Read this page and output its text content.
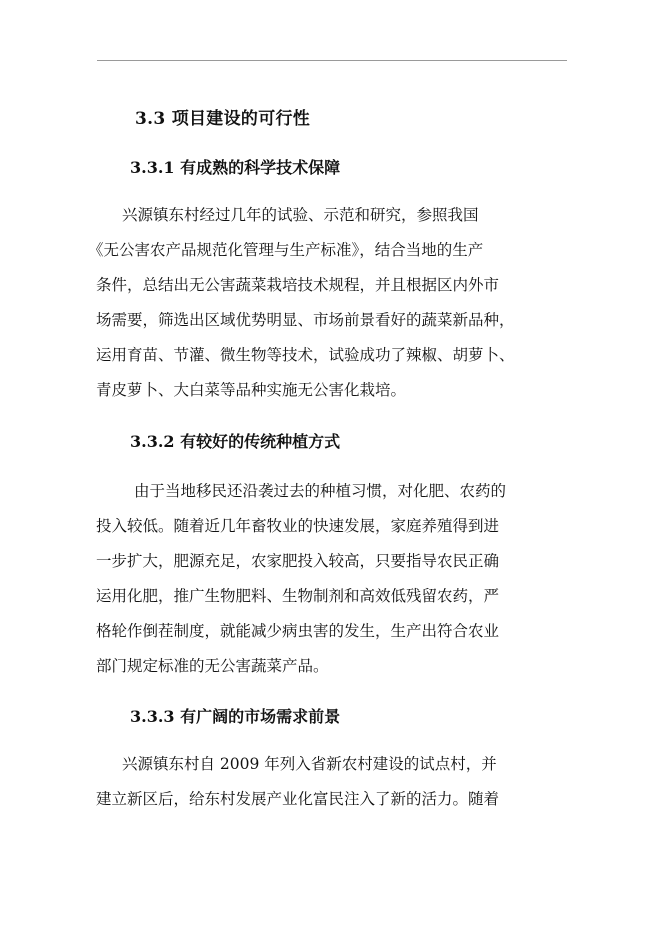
3.3 项目建设的可行性
3.3.1 有成熟的科学技术保障
兴源镇东村经过几年的试验、示范和研究，参照我国
《无公害农产品规范化管理与生产标准》，结合当地的生产
条件，总结出无公害蔬菜栽培技术规程，并且根据区内外市
场需要，筛选出区域优势明显、市场前景看好的蔬菜新品种，
运用育苗、节灌、微生物等技术，试验成功了辣椒、胡萝卜、
青皮萝卜、大白菜等品种实施无公害化栽培。
3.3.2 有较好的传统种植方式
由于当地移民还沿袭过去的种植习惯，对化肥、农药的
投入较低。随着近几年畜牧业的快速发展，家庭养殖得到进
一步扩大，肥源充足，农家肥投入较高，只要指导农民正确
运用化肥，推广生物肥料、生物制剂和高效低残留农药，严
格轮作倒茬制度，就能减少病虫害的发生，生产出符合农业
部门规定标准的无公害蔬菜产品。
3.3.3 有广阔的市场需求前景
兴源镇东村自 2009 年列入省新农村建设的试点村，并
建立新区后，给东村发展产业化富民注入了新的活力。随着
